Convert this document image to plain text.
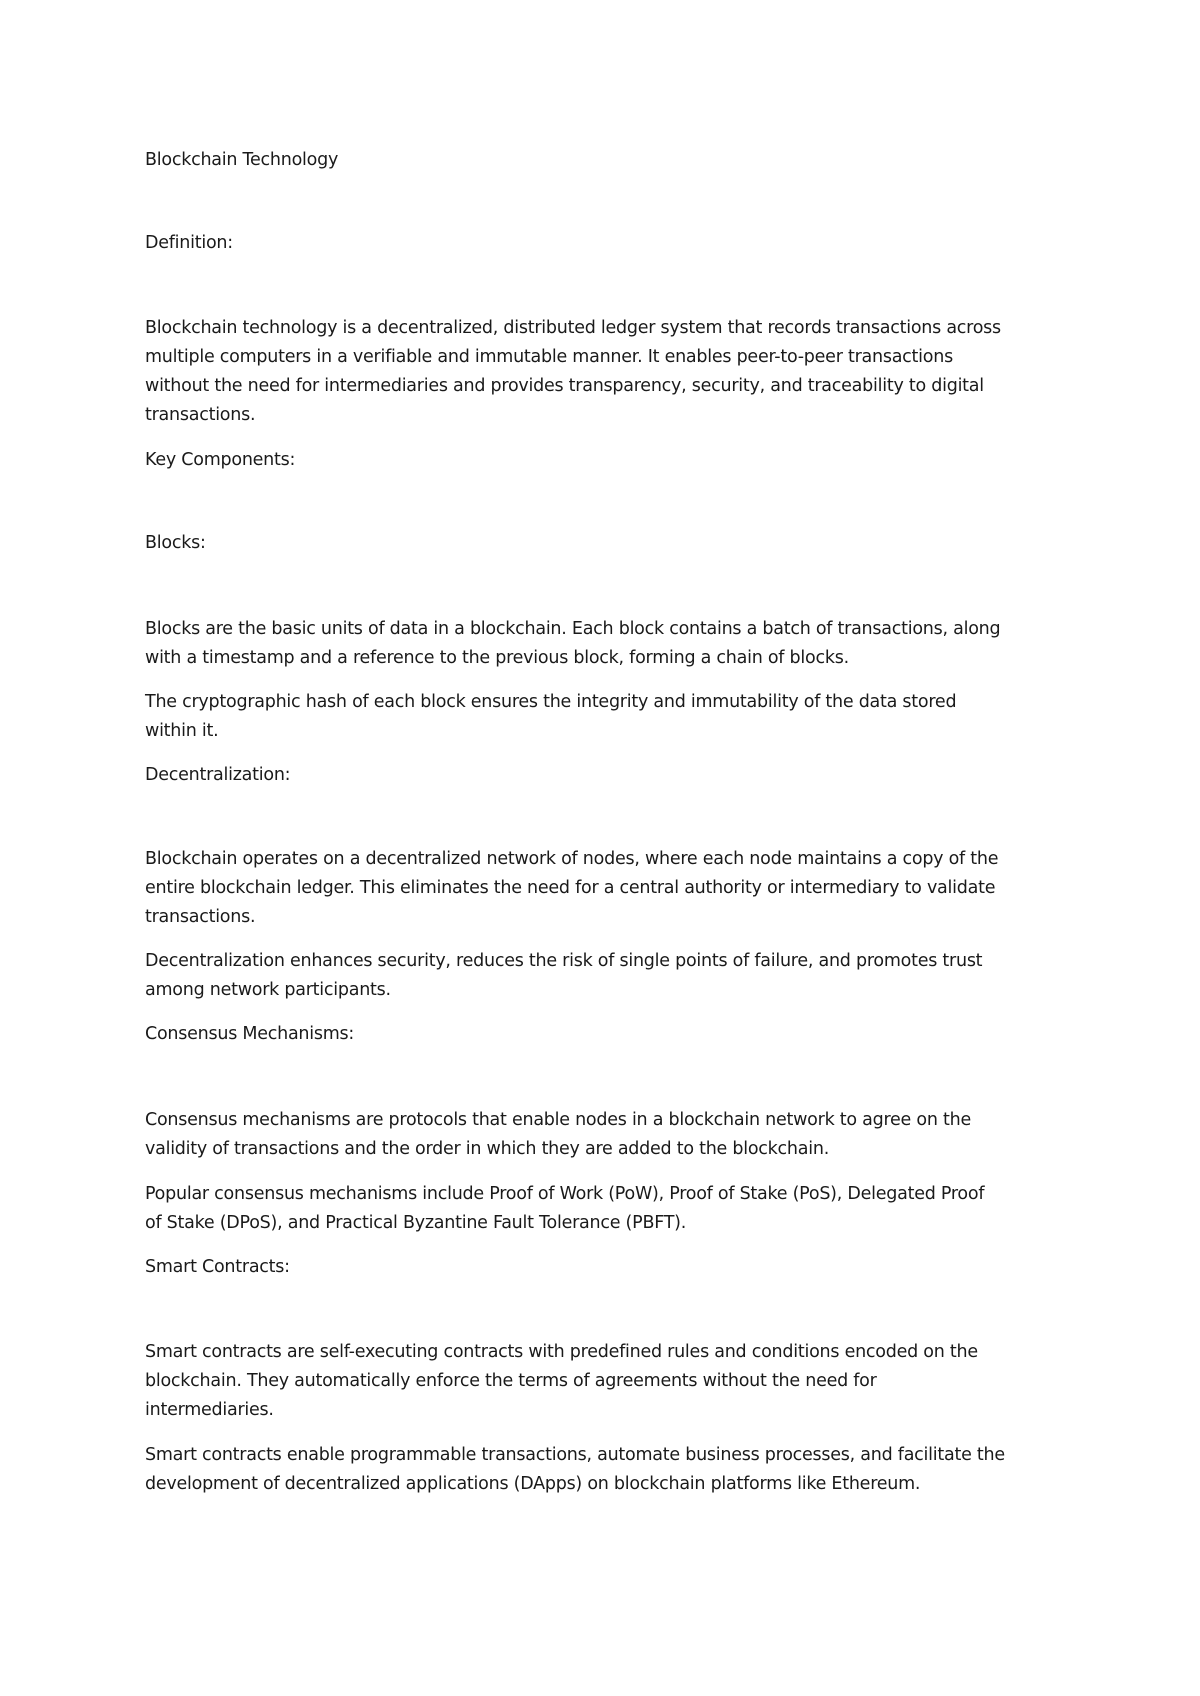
Blockchain Technology

Definition:

Blockchain technology is a decentralized, distributed ledger system that records transactions across

multiple computers in a verifiable and immutable manner. It enables peer-to-peer transactions

without the need for intermediaries and provides transparency, security, and traceability to digital

transactions.

Key Components:

Blocks:

Blocks are the basic units of data in a blockchain. Each block contains a batch of transactions, along

with a timestamp and a reference to the previous block, forming a chain of blocks.

The cryptographic hash of each block ensures the integrity and immutability of the data stored

within it.

Decentralization:

Blockchain operates on a decentralized network of nodes, where each node maintains a copy of the

entire blockchain ledger. This eliminates the need for a central authority or intermediary to validate

transactions.

Decentralization enhances security, reduces the risk of single points of failure, and promotes trust

among network participants.

Consensus Mechanisms:

Consensus mechanisms are protocols that enable nodes in a blockchain network to agree on the

validity of transactions and the order in which they are added to the blockchain.

Popular consensus mechanisms include Proof of Work (PoW), Proof of Stake (PoS), Delegated Proof

of Stake (DPoS), and Practical Byzantine Fault Tolerance (PBFT).

Smart Contracts:

Smart contracts are self-executing contracts with predefined rules and conditions encoded on the

blockchain. They automatically enforce the terms of agreements without the need for

intermediaries.

Smart contracts enable programmable transactions, automate business processes, and facilitate the

development of decentralized applications (DApps) on blockchain platforms like Ethereum.
